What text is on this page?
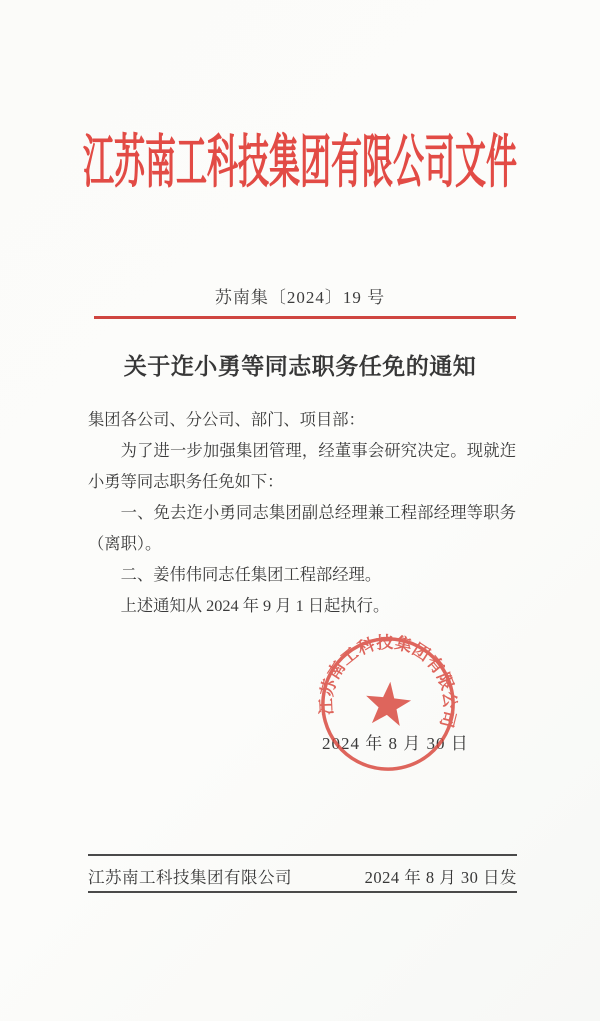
江苏南工科技集团有限公司文件
苏南集〔2024〕19 号
关于迮小勇等同志职务任免的通知
集团各公司、分公司、部门、项目部：
为了进一步加强集团管理，经董事会研究决定。现就迮小勇等同志职务任免如下：
一、免去迮小勇同志集团副总经理兼工程部经理等职务（离职）。
二、姜伟伟同志任集团工程部经理。
上述通知从 2024 年 9 月 1 日起执行。
2024 年 8 月 30 日
江苏南工科技集团有限公司
江苏南工科技集团有限公司	2024 年 8 月 30 日发
